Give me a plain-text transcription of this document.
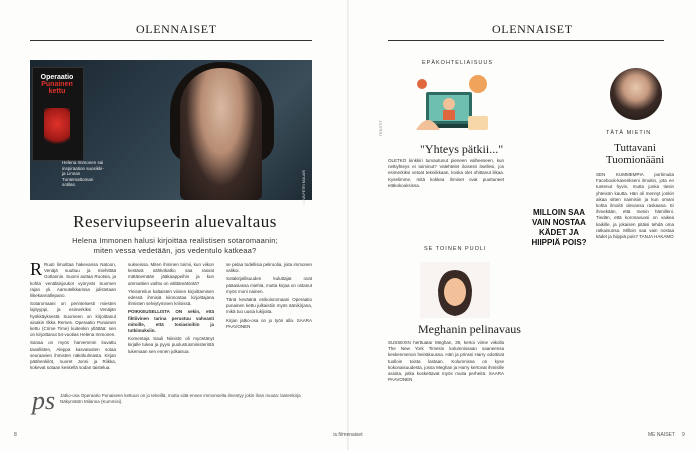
OLENNAISET
Operaatio
Punainen
kettu
Helena Immonen sai inspiraation suosikki- ja Linnan Tuntemattoman sotilas.	KUVA PETRI MULARI
Reserviupseerin aluevaltaus
Helena Immonen halusi kirjoittaa realistisen sotaromaanin;
miten vessa vedetään, jos vedentulo katkeaa?

R Ruuti limoittaa hakevansa Natoon, Venäjä suuttuu ja miehittää Gotlannin. Suomi auttaa Ruotsia, ja kohta venäläisjoukot vyöryvät Suomen rajan yli. Aamutelkkarissa julistetaan liikekannallepano.

Sotaromaani on perinteisesti miesten lajityyppi, ja esimerkiksi Venäjän hyökkäyksestä Suomeen on kirjoittanut ainakin Ilkka Remes. Operaatio Punainen kettu (Crime Time) kuitenkin yllättää: sen on kirjoittanut 54-vuotias Helena Immonen.

Sanaa on myös harvemmin kuvattu tavallisten, Aleppa kasvatusten sotaa seuraavien ihmisten näkökulmasta. Kirjan päähenkilöt, nuoret Jonni ja Riikka, kokevat sotaan keskellä sodan taistelua.

sukseissa. Miten ihminen toimii, kun viikon kestävä sähkökatko saa rasvat mätänemään jääkaappeihin ja kun ammattien vaihto on välttämätöntä?

Yleisöreilun kaltaisten viinien kirjoittamisen edessä ihmisiä kiinnostaa kirjoittajana ihmisten selviytyminen kriisissä.

POIKKEUSELLISTA ON sekin, että fiktiivinen tarina perustuu vahvasti mitoille, että tosiasioihin ja tutkimuksiin.

Komentaja Sauli Niinistö oli myöntänyt kirjalle tukea ja pyysi puolustusministeriötä lukemaan sen ennen julkaisua.

se pelaa todellisia peliroolia, joita immonen valikoi.

Sotakirjallisuuden kuluttajat ovat pääasiassa miehiä, mutta kirjaa on ostanut myös moni nainen.

Tänä keväänä esikoisromaani Operaatio punainen kettu julkaistiin myös äänikirjana, mikä tuo uusia lukijoita.

Kirjan jatko-osa on jo työn alla. SAARA PAAVONEN

ps Jatko-osa Operaatio Punaiseen kettuun on jo tekeillä, mutta siitä ennen immonselta ilmestyy jokin ihan muuta: lastenkirja Näkymätön Milanna (Kummisi).
8	is.fi/menaiset
OLENNAISET
EPÄKOHTELIAISUUS
"Yhteys pätkii..."
OLETKO kinkkiri turvautunut pieneen valheeseen, kun nettiyhteys ei toiminut? Valehtelet iloisesti itsellesi, jos esimerkiksi vetoat tekniikkaan, koska olet ohittanut liikaa. Kyselimme, mitä kokkea ihmiset ovat puuttuneet etäkokouksissa.
SE TOINEN PUOLI
Meghanin pelinavaus
SUSSEXIN herttuatar Meghan, 39, kertoi viime viikolla The New York Timesin kolumnissaan saaneensa keskenmenon heinäkuussa. Hän ja prinssi Harry odottivat tuolloin toista lastaan. Kolumnissa on kyse kokonaisuudesta, jossa Meghan ja Harry kertovat ihmisille asioita, jotka koskettavat myös muita perheitä. SAARA PAAVONEN
TEKSTIT
MILLOIN SAA VAIN NOSTAA KÄDET JA HIIPPIÄ POIS?
TÄTÄ MIETIN
Tuttavani
Tuomionääni
SEN KUMMEMPIA portimuita Facebook-kaverikseni ilmoitin, jota en tuntenut hyvin, mutta jonka tiesin yhteisön kautta. Hän oli mennyt jonkin aikaa sitten naimisiin ja kun omani kohta ilmoitti olevansa raskaana. Ei ihmekään, että menin hämilleni. Tiedän, että koronavuosi on vaikea kaikille, ja jokaisen pitäisi tehdä oma ratkaisunsa. Milloin saa vain nostaa kädet ja hiippiä pois? TANJA HAKAMO
ME NAISET 9
